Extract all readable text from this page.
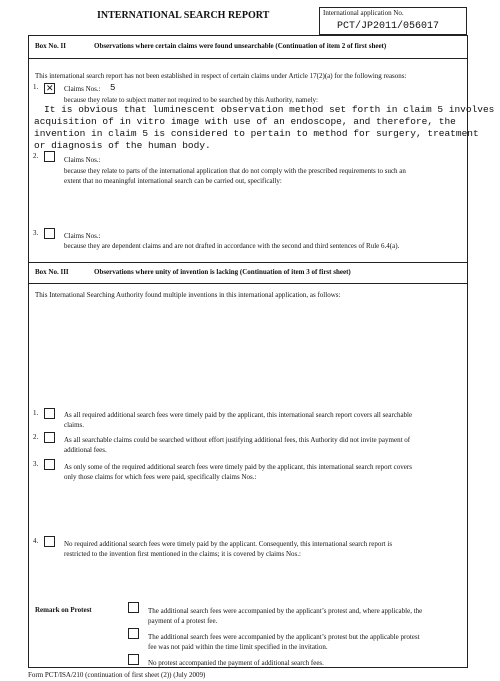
INTERNATIONAL SEARCH REPORT	International application No.
PCT/JP2011/056017
Box No. II	Observations where certain claims were found unsearchable (Continuation of item 2 of first sheet)
This international search report has not been established in respect of certain claims under Article 17(2)(a) for the following reasons:
1. ✕ Claims Nos.: 5
because they relate to subject matter not required to be searched by this Authority, namely:
It is obvious that luminescent observation method set forth in claim 5 involves
acquisition of in vitro image with use of an endoscope, and therefore, the
invention in claim 5 is considered to pertain to method for surgery, treatment
or diagnosis of the human body.
2.	Claims Nos.:
because they relate to parts of the international application that do not comply with the prescribed requirements to such an
extent that no meaningful international search can be carried out, specifically:
3.	Claims Nos.:
because they are dependent claims and are not drafted in accordance with the second and third sentences of Rule 6.4(a).
Box No. III	Observations where unity of invention is lacking (Continuation of item 3 of first sheet)
This International Searching Authority found multiple inventions in this international application, as follows:
1.	As all required additional search fees were timely paid by the applicant, this international search report covers all searchable
claims.
2.	As all searchable claims could be searched without effort justifying additional fees, this Authority did not invite payment of
additional fees.
3.	As only some of the required additional search fees were timely paid by the applicant, this international search report covers
only those claims for which fees were paid, specifically claims Nos.:
4.	No required additional search fees were timely paid by the applicant. Consequently, this international search report is
restricted to the invention first mentioned in the claims; it is covered by claims Nos.:
Remark on Protest	The additional search fees were accompanied by the applicant’s protest and, where applicable, the
payment of a protest fee.
The additional search fees were accompanied by the applicant’s protest but the applicable protest
fee was not paid within the time limit specified in the invitation.
No protest accompanied the payment of additional search fees.
Form PCT/ISA/210 (continuation of first sheet (2)) (July 2009)
